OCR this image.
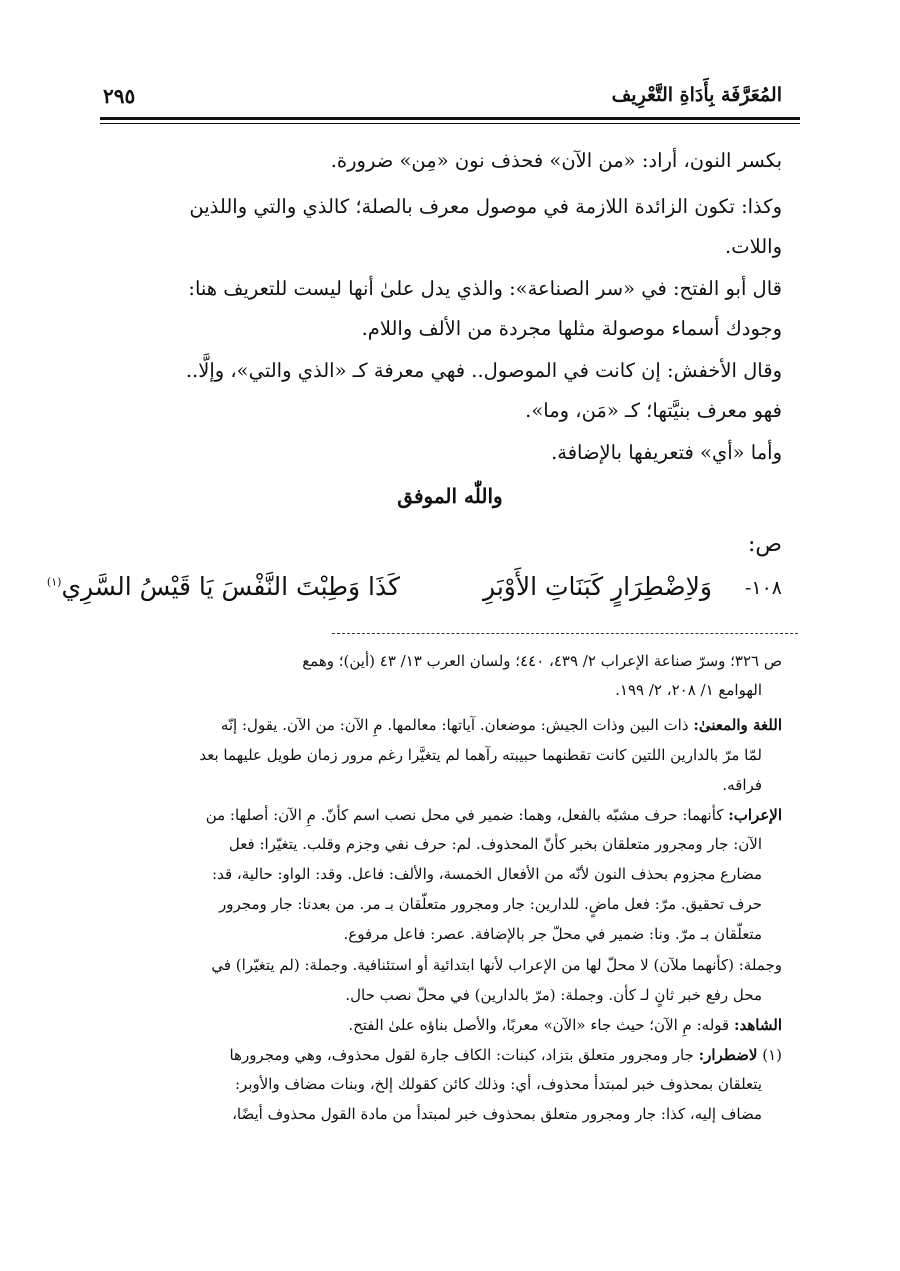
المُعَرَّفَة بِأَدَاةِ التَّعْرِيف
٢٩٥
بكسر النون، أراد: «من الآن» فحذف نون «مِن» ضرورة.
وكذا: تكون الزائدة اللازمة في موصول معرف بالصلة؛ كالذي والتي واللذين
واللات.
قال أبو الفتح: في «سر الصناعة»: والذي يدل علىٰ أنها ليست للتعريف هنا:
وجودك أسماء موصولة مثلها مجردة من الألف واللام.
وقال الأخفش: إن كانت في الموصول.. فهي معرفة كـ «الذي والتي»، وإلَّا..
فهو معرف بنيَّتها؛ كـ «مَن، وما».
وأما «أي» فتعريفها بالإضافة.
واللّٰه الموفق
ص:
١٠٨-
وَلاِضْطِرَارٍ كَبَنَاتِ الأَوْبَرِ
كَذَا وَطِبْتَ النَّفْسَ يَا قَيْسُ السَّرِي$^{(١)}$
ص ٣٢٦؛ وسرّ صناعة الإعراب ٢/ ٤٣٩، ٤٤٠؛ ولسان العرب ١٣/ ٤٣ (أين)؛ وهمع
الهوامع ١/ ٢٠٨، ٢/ ١٩٩.
اللغة والمعنىٰ: ذات البين وذات الجيش: موضعان. آياتها: معالمها. مِ الآن: من الآن. يقول: إنّه
لمّا مرّ بالدارين اللتين كانت تقطنهما حبيبته رآهما لم يتغيَّرا رغم مرور زمان طويل عليهما بعد
فراقه.
الإعراب: كأنهما: حرف مشبّه بالفعل، وهما: ضمير في محل نصب اسم كأنّ. مِ الآن: أصلها: من
الآن: جار ومجرور متعلقان بخبر كأنّ المحذوف. لم: حرف نفي وجزم وقلب. يتغيّرا: فعل
مضارع مجزوم بحذف النون لأنّه من الأفعال الخمسة، والألف: فاعل. وقد: الواو: حالية، قد:
حرف تحقيق. مرّ: فعل ماضٍ. للدارين: جار ومجرور متعلّقان بـ مر. من بعدنا: جار ومجرور
متعلّقان بـ مرّ. ونا: ضمير في محلّ جر بالإضافة. عصر: فاعل مرفوع.
وجملة: (كأنهما ملآن) لا محلّ لها من الإعراب لأنها ابتدائية أو استئنافية. وجملة: (لم يتغيّرا) في
محل رفع خبر ثانٍ لـ كأن. وجملة: (مرّ بالدارين) في محلّ نصب حال.
الشاهد: قوله: مِ الآن؛ حيث جاء «الآن» معربًا، والأصل بناؤه علىٰ الفتح.
(١) لاضطرار: جار ومجرور متعلق بتزاد، كبنات: الكاف جارة لقول محذوف، وهي ومجرورها
يتعلقان بمحذوف خبر لمبتدأ محذوف، أي: وذلك كائن كقولك إلخ، وبنات مضاف والأوبر:
مضاف إليه، كذا: جار ومجرور متعلق بمحذوف خبر لمبتدأ من مادة القول محذوف أيضًا،
